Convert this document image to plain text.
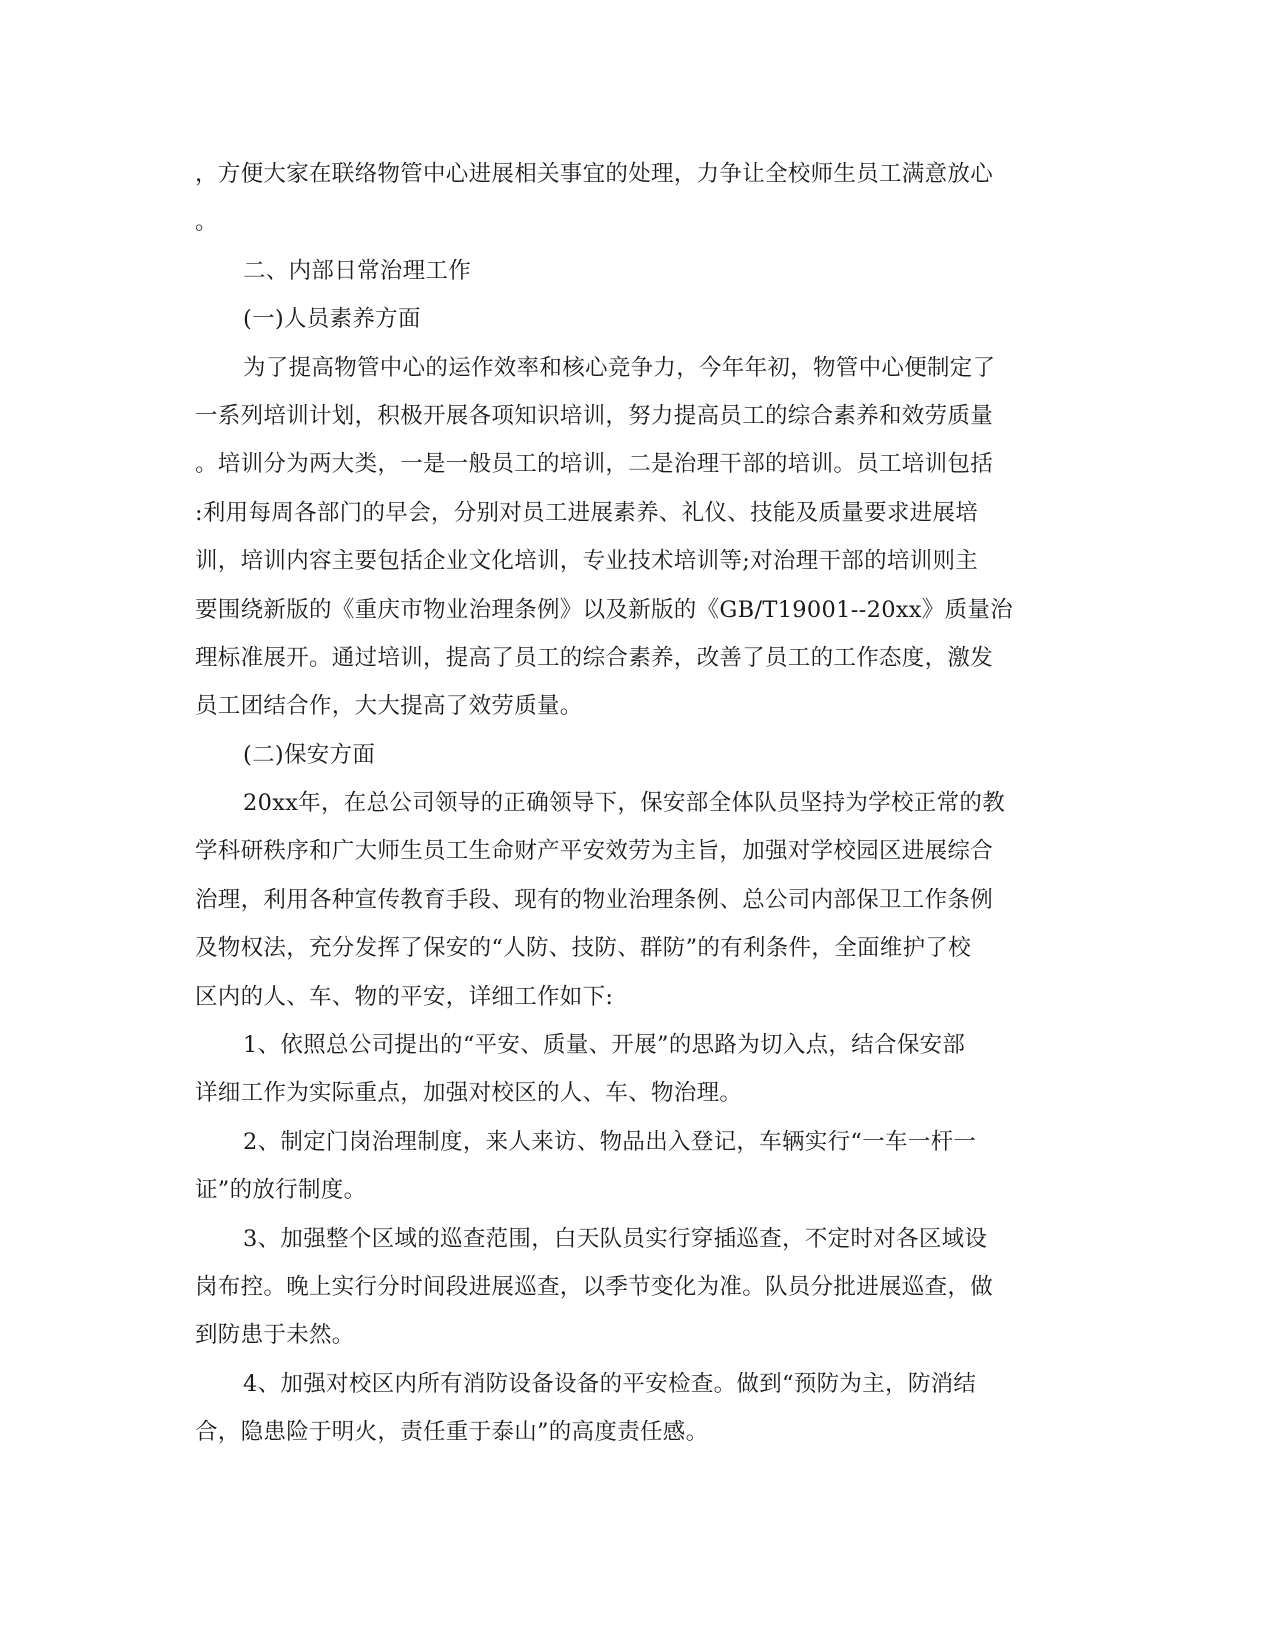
，方便大家在联络物管中心进展相关事宜的处理，力争让全校师生员工满意放心
。
二、内部日常治理工作
(一)人员素养方面
为了提高物管中心的运作效率和核心竞争力，今年年初，物管中心便制定了
一系列培训计划，积极开展各项知识培训，努力提高员工的综合素养和效劳质量
。培训分为两大类，一是一般员工的培训，二是治理干部的培训。员工培训包括
:利用每周各部门的早会，分别对员工进展素养、礼仪、技能及质量要求进展培
训，培训内容主要包括企业文化培训，专业技术培训等;对治理干部的培训则主
要围绕新版的《重庆市物业治理条例》以及新版的《GB/T19001--20xx》质量治
理标准展开。通过培训，提高了员工的综合素养，改善了员工的工作态度，激发
员工团结合作，大大提高了效劳质量。
(二)保安方面
20xx年，在总公司领导的正确领导下，保安部全体队员坚持为学校正常的教
学科研秩序和广大师生员工生命财产平安效劳为主旨，加强对学校园区进展综合
治理，利用各种宣传教育手段、现有的物业治理条例、总公司内部保卫工作条例
及物权法，充分发挥了保安的“人防、技防、群防”的有利条件，全面维护了校
区内的人、车、物的平安，详细工作如下:
1、依照总公司提出的“平安、质量、开展”的思路为切入点，结合保安部
详细工作为实际重点，加强对校区的人、车、物治理。
2、制定门岗治理制度，来人来访、物品出入登记，车辆实行“一车一杆一
证”的放行制度。
3、加强整个区域的巡查范围，白天队员实行穿插巡查，不定时对各区域设
岗布控。晚上实行分时间段进展巡查，以季节变化为准。队员分批进展巡查，做
到防患于未然。
4、加强对校区内所有消防设备设备的平安检查。做到“预防为主，防消结
合，隐患险于明火，责任重于泰山”的高度责任感。
